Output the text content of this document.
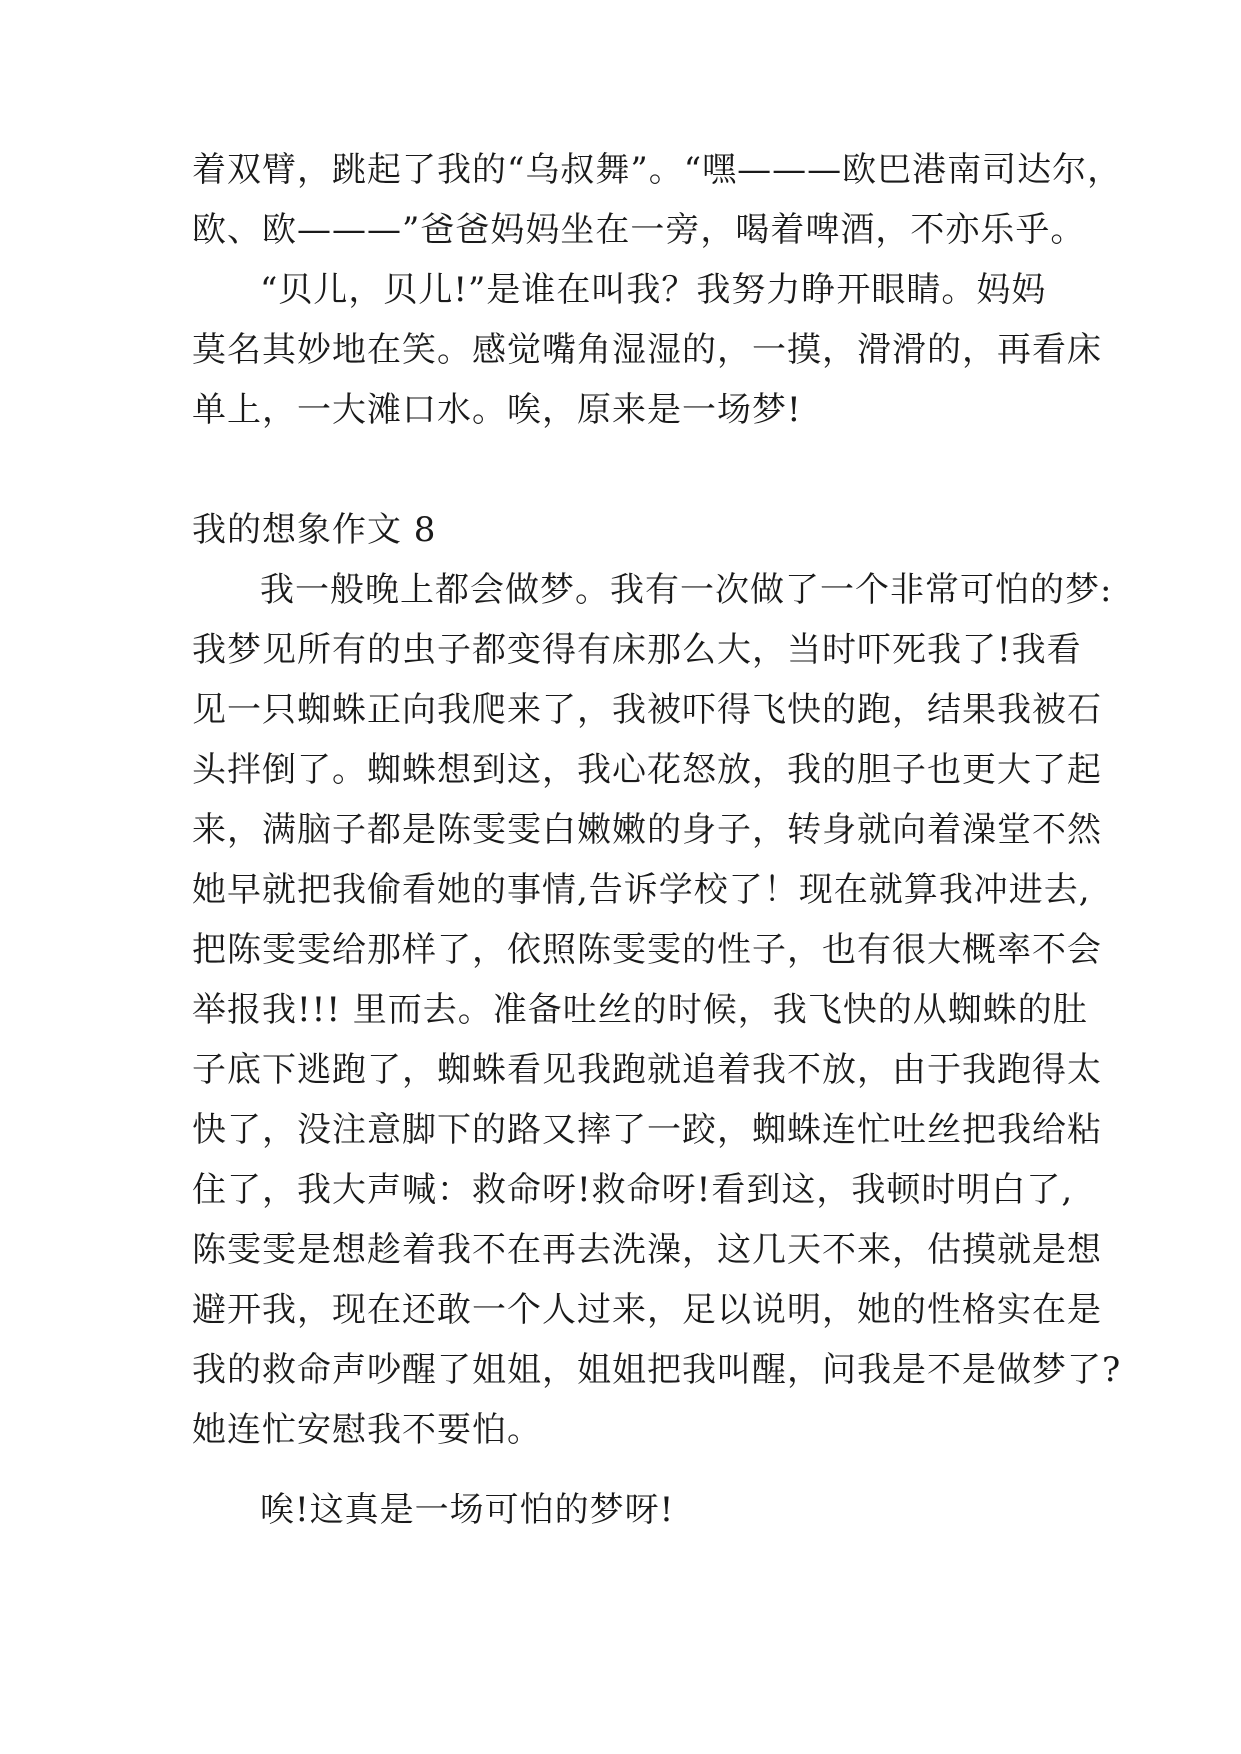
着双臂，跳起了我的“乌叔舞”。“嘿———欧巴港南司达尔，
欧、欧———”爸爸妈妈坐在一旁，喝着啤酒，不亦乐乎。
“贝儿，贝儿!”是谁在叫我？我努力睁开眼睛。妈妈
莫名其妙地在笑。感觉嘴角湿湿的，一摸，滑滑的，再看床
单上，一大滩口水。唉，原来是一场梦!
我的想象作文 8
我一般晚上都会做梦。我有一次做了一个非常可怕的梦:
我梦见所有的虫子都变得有床那么大，当时吓死我了!我看
见一只蜘蛛正向我爬来了，我被吓得飞快的跑，结果我被石
头拌倒了。蜘蛛想到这，我心花怒放，我的胆子也更大了起
来，满脑子都是陈雯雯白嫩嫩的身子，转身就向着澡堂不然
她早就把我偷看她的事情,告诉学校了！现在就算我冲进去,
把陈雯雯给那样了，依照陈雯雯的性子，也有很大概率不会
举报我!!! 里而去。准备吐丝的时候，我飞快的从蜘蛛的肚
子底下逃跑了，蜘蛛看见我跑就追着我不放，由于我跑得太
快了，没注意脚下的路又摔了一跤，蜘蛛连忙吐丝把我给粘
住了，我大声喊：救命呀!救命呀!看到这，我顿时明白了,
陈雯雯是想趁着我不在再去洗澡，这几天不来，估摸就是想
避开我，现在还敢一个人过来，足以说明，她的性格实在是
我的救命声吵醒了姐姐，姐姐把我叫醒，问我是不是做梦了?
她连忙安慰我不要怕。
唉!这真是一场可怕的梦呀!
